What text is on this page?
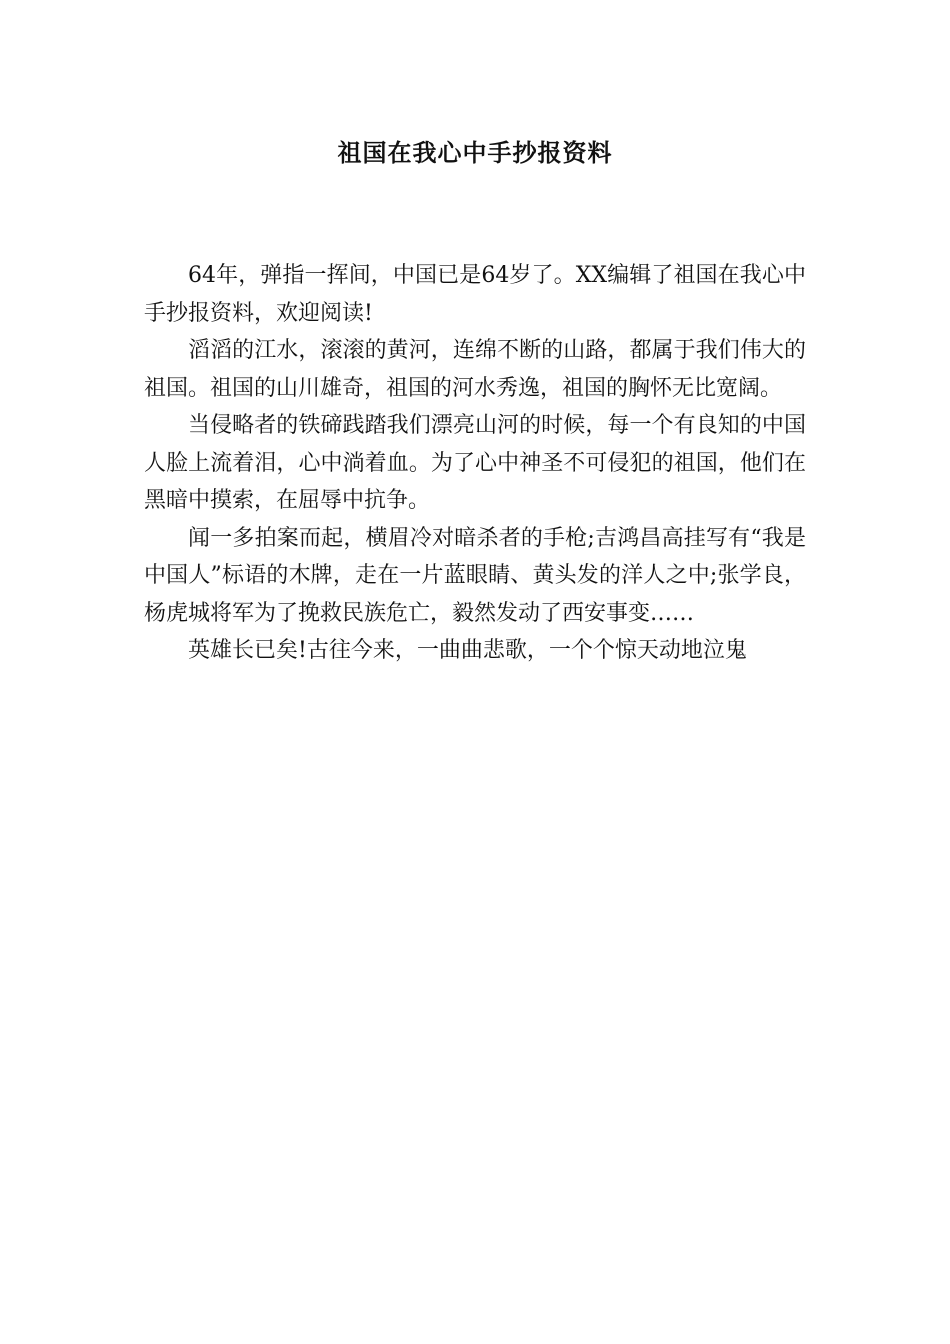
祖国在我心中手抄报资料

64年，弹指一挥间，中国已是64岁了。XX编辑了祖国在我心中手抄报资料，欢迎阅读!

滔滔的江水，滚滚的黄河，连绵不断的山路，都属于我们伟大的祖国。祖国的山川雄奇，祖国的河水秀逸，祖国的胸怀无比宽阔。

当侵略者的铁碲践踏我们漂亮山河的时候，每一个有良知的中国人脸上流着泪，心中淌着血。为了心中神圣不可侵犯的祖国，他们在黑暗中摸索，在屈辱中抗争。

闻一多拍案而起，横眉冷对暗杀者的手枪;吉鸿昌高挂写有“我是中国人”标语的木牌，走在一片蓝眼睛、黄头发的洋人之中;张学良，杨虎城将军为了挽救民族危亡，毅然发动了西安事变……

英雄长已矣!古往今来，一曲曲悲歌，一个个惊天动地泣鬼
